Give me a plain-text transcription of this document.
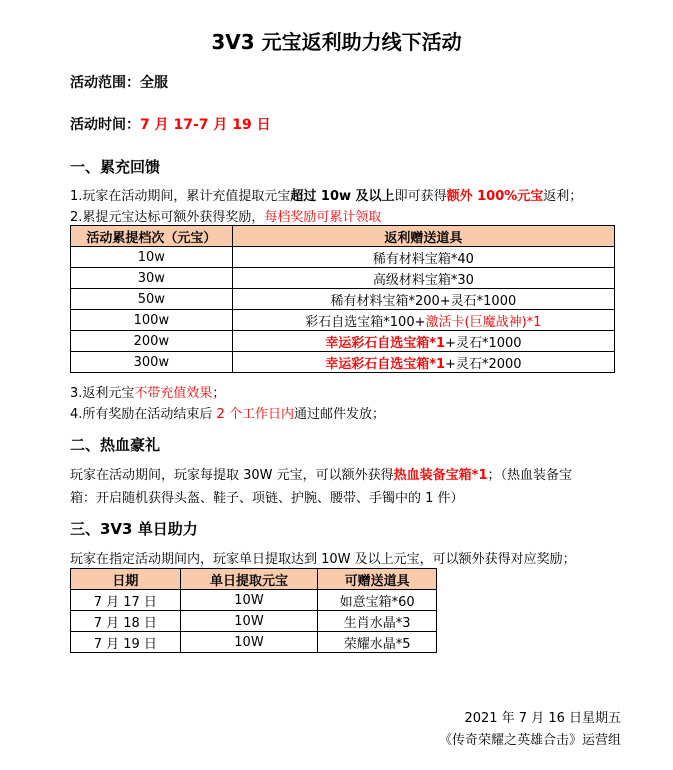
3V3 元宝返利助力线下活动
活动范围：全服
活动时间：7 月 17-7 月 19 日
一、累充回馈
1.玩家在活动期间，累计充值提取元宝超过 10w 及以上即可获得额外 100%元宝返利；
2.累提元宝达标可额外获得奖励，每档奖励可累计领取
活动累提档次（元宝）	返利赠送道具
10w	稀有材料宝箱*40
30w	高级材料宝箱*30
50w	稀有材料宝箱*200+灵石*1000
100w	彩石自选宝箱*100+激活卡(巨魔战神)*1
200w	幸运彩石自选宝箱*1+灵石*1000
300w	幸运彩石自选宝箱*1+灵石*2000
3.返利元宝不带充值效果；
4.所有奖励在活动结束后 2 个工作日内通过邮件发放；
二、热血豪礼
玩家在活动期间，玩家每提取 30W 元宝，可以额外获得热血装备宝箱*1；（热血装备宝
箱：开启随机获得头盔、鞋子、项链、护腕、腰带、手镯中的 1 件）
三、3V3 单日助力
玩家在指定活动期间内，玩家单日提取达到 10W 及以上元宝，可以额外获得对应奖励；
日期	单日提取元宝	可赠送道具
7 月 17 日	10W	如意宝箱*60
7 月 18 日	10W	生肖水晶*3
7 月 19 日	10W	荣耀水晶*5
2021 年 7 月 16 日星期五
《传奇荣耀之英雄合击》运营组
